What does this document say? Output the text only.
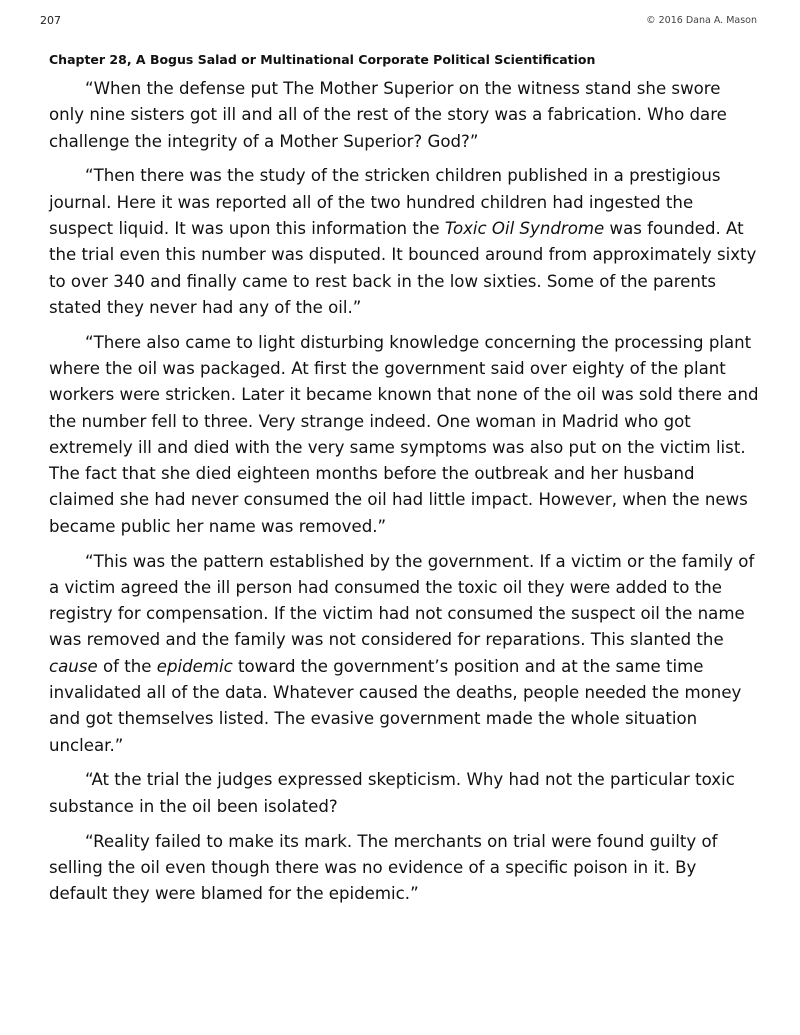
207	© 2016 Dana A. Mason
Chapter 28, A Bogus Salad or Multinational Corporate Political Scientification

“When the defense put The Mother Superior on the witness stand she swore only nine sisters got ill and all of the rest of the story was a fabrication. Who dare challenge the integrity of a Mother Superior? God?”

“Then there was the study of the stricken children published in a prestigious journal. Here it was reported all of the two hundred children had ingested the suspect liquid. It was upon this information the Toxic Oil Syndrome was founded. At the trial even this number was disputed. It bounced around from approximately sixty to over 340 and finally came to rest back in the low sixties. Some of the parents stated they never had any of the oil.”

“There also came to light disturbing knowledge concerning the processing plant where the oil was packaged. At first the government said over eighty of the plant workers were stricken. Later it became known that none of the oil was sold there and the number fell to three. Very strange indeed. One woman in Madrid who got extremely ill and died with the very same symptoms was also put on the victim list. The fact that she died eighteen months before the outbreak and her husband claimed she had never consumed the oil had little impact. However, when the news became public her name was removed.”

“This was the pattern established by the government. If a victim or the family of a victim agreed the ill person had consumed the toxic oil they were added to the registry for compensation. If the victim had not consumed the suspect oil the name was removed and the family was not considered for reparations. This slanted the cause of the epidemic toward the government’s position and at the same time invalidated all of the data. Whatever caused the deaths, people needed the money and got themselves listed. The evasive government made the whole situation unclear.”

“At the trial the judges expressed skepticism. Why had not the particular toxic substance in the oil been isolated?

“Reality failed to make its mark. The merchants on trial were found guilty of selling the oil even though there was no evidence of a specific poison in it. By default they were blamed for the epidemic.”
